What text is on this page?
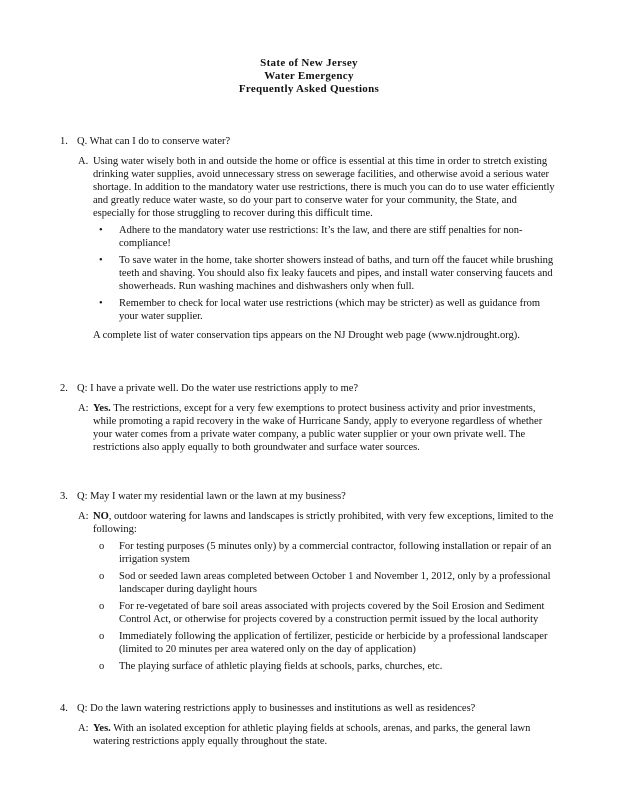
State of New Jersey
Water Emergency
Frequently Asked Questions
1. Q. What can I do to conserve water?
A. Using water wisely both in and outside the home or office is essential at this time in order to stretch existing drinking water supplies, avoid unnecessary stress on sewerage facilities, and otherwise avoid a serious water shortage. In addition to the mandatory water use restrictions, there is much you can do to use water efficiently and greatly reduce water waste, so do your part to conserve water for your community, the State, and especially for those struggling to recover during this difficult time.

• Adhere to the mandatory water use restrictions: It’s the law, and there are stiff penalties for non-compliance!
• To save water in the home, take shorter showers instead of baths, and turn off the faucet while brushing teeth and shaving. You should also fix leaky faucets and pipes, and install water conserving faucets and showerheads. Run washing machines and dishwashers only when full.
• Remember to check for local water use restrictions (which may be stricter) as well as guidance from your water supplier.

A complete list of water conservation tips appears on the NJ Drought web page (www.njdrought.org).

2. Q: I have a private well. Do the water use restrictions apply to me?
A: Yes. The restrictions, except for a very few exemptions to protect business activity and prior investments, while promoting a rapid recovery in the wake of Hurricane Sandy, apply to everyone regardless of whether your water comes from a private water company, a public water supplier or your own private well. The restrictions also apply equally to both groundwater and surface water sources.

3. Q: May I water my residential lawn or the lawn at my business?
A: NO, outdoor watering for lawns and landscapes is strictly prohibited, with very few exceptions, limited to the following:

o For testing purposes (5 minutes only) by a commercial contractor, following installation or repair of an irrigation system
o Sod or seeded lawn areas completed between October 1 and November 1, 2012, only by a professional landscaper during daylight hours
o For re-vegetated of bare soil areas associated with projects covered by the Soil Erosion and Sediment Control Act, or otherwise for projects covered by a construction permit issued by the local authority
o Immediately following the application of fertilizer, pesticide or herbicide by a professional landscaper (limited to 20 minutes per area watered only on the day of application)
o The playing surface of athletic playing fields at schools, parks, churches, etc.
4. Q: Do the lawn watering restrictions apply to businesses and institutions as well as residences?
A: Yes. With an isolated exception for athletic playing fields at schools, arenas, and parks, the general lawn watering restrictions apply equally throughout the state.
